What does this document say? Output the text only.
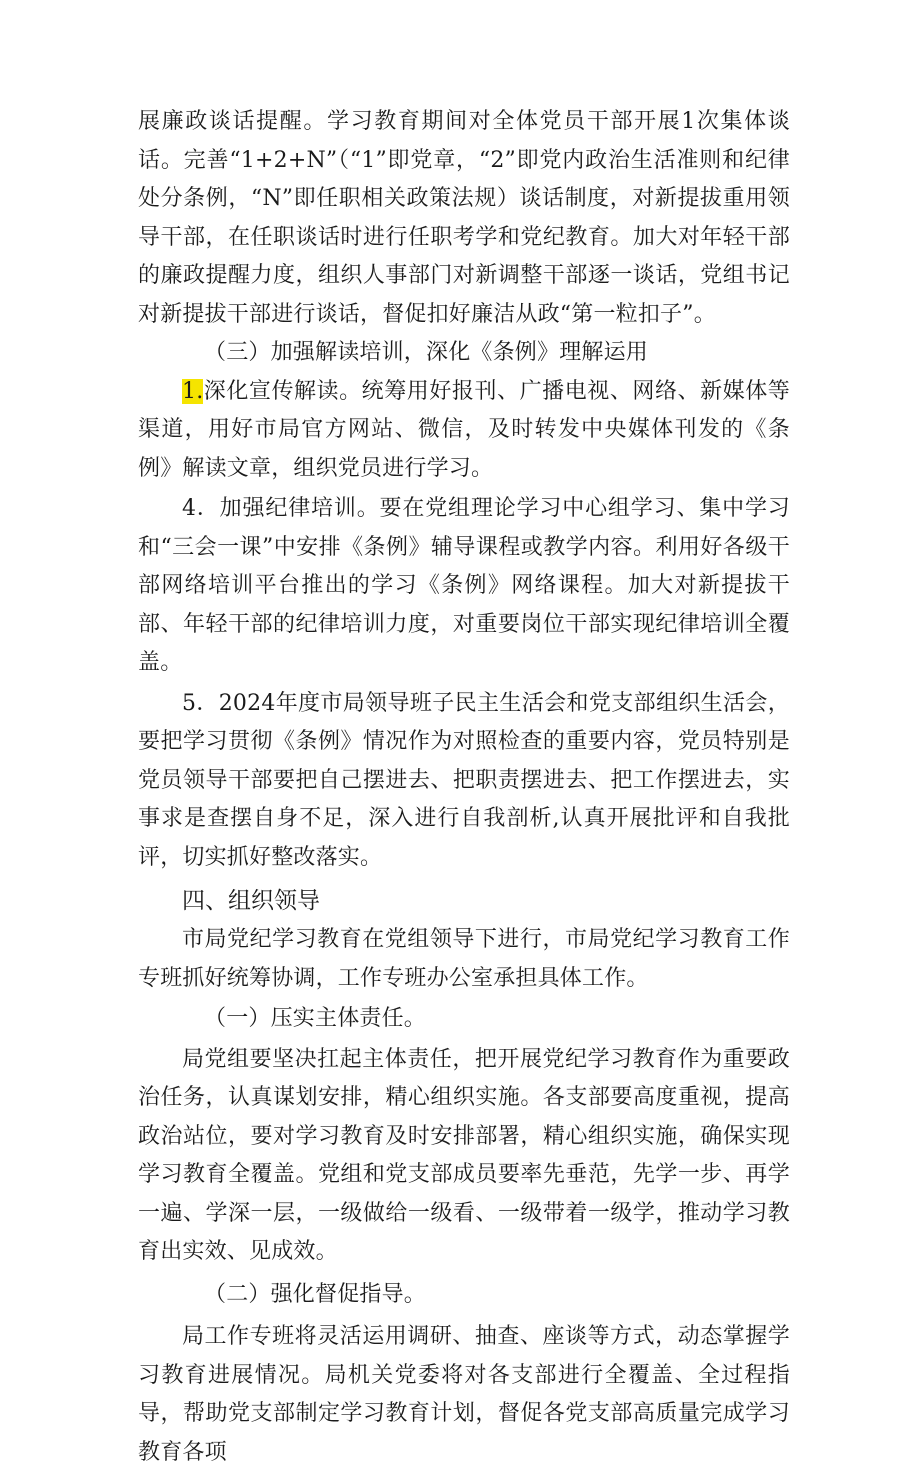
展廉政谈话提醒。学习教育期间对全体党员干部开展1次集体谈话。完善“1+2+N”（“1”即党章，“2”即党内政治生活准则和纪律处分条例，“N”即任职相关政策法规）谈话制度，对新提拔重用领导干部，在任职谈话时进行任职考学和党纪教育。加大对年轻干部的廉政提醒力度，组织人事部门对新调整干部逐一谈话，党组书记对新提拔干部进行谈话，督促扣好廉洁从政“第一粒扣子”。

（三）加强解读培训，深化《条例》理解运用

1.深化宣传解读。统筹用好报刊、广播电视、网络、新媒体等渠道，用好市局官方网站、微信，及时转发中央媒体刊发的《条例》解读文章，组织党员进行学习。

4．加强纪律培训。要在党组理论学习中心组学习、集中学习和“三会一课”中安排《条例》辅导课程或教学内容。利用好各级干部网络培训平台推出的学习《条例》网络课程。加大对新提拔干部、年轻干部的纪律培训力度，对重要岗位干部实现纪律培训全覆盖。

5．2024年度市局领导班子民主生活会和党支部组织生活会，要把学习贯彻《条例》情况作为对照检查的重要内容，党员特别是党员领导干部要把自己摆进去、把职责摆进去、把工作摆进去，实事求是查摆自身不足，深入进行自我剖析,认真开展批评和自我批评，切实抓好整改落实。

四、组织领导

市局党纪学习教育在党组领导下进行，市局党纪学习教育工作专班抓好统筹协调，工作专班办公室承担具体工作。

（一）压实主体责任。

局党组要坚决扛起主体责任，把开展党纪学习教育作为重要政治任务，认真谋划安排，精心组织实施。各支部要高度重视，提高政治站位，要对学习教育及时安排部署，精心组织实施，确保实现学习教育全覆盖。党组和党支部成员要率先垂范，先学一步、再学一遍、学深一层，一级做给一级看、一级带着一级学，推动学习教育出实效、见成效。

（二）强化督促指导。

局工作专班将灵活运用调研、抽查、座谈等方式，动态掌握学习教育进展情况。局机关党委将对各支部进行全覆盖、全过程指导，帮助党支部制定学习教育计划，督促各党支部高质量完成学习教育各项
